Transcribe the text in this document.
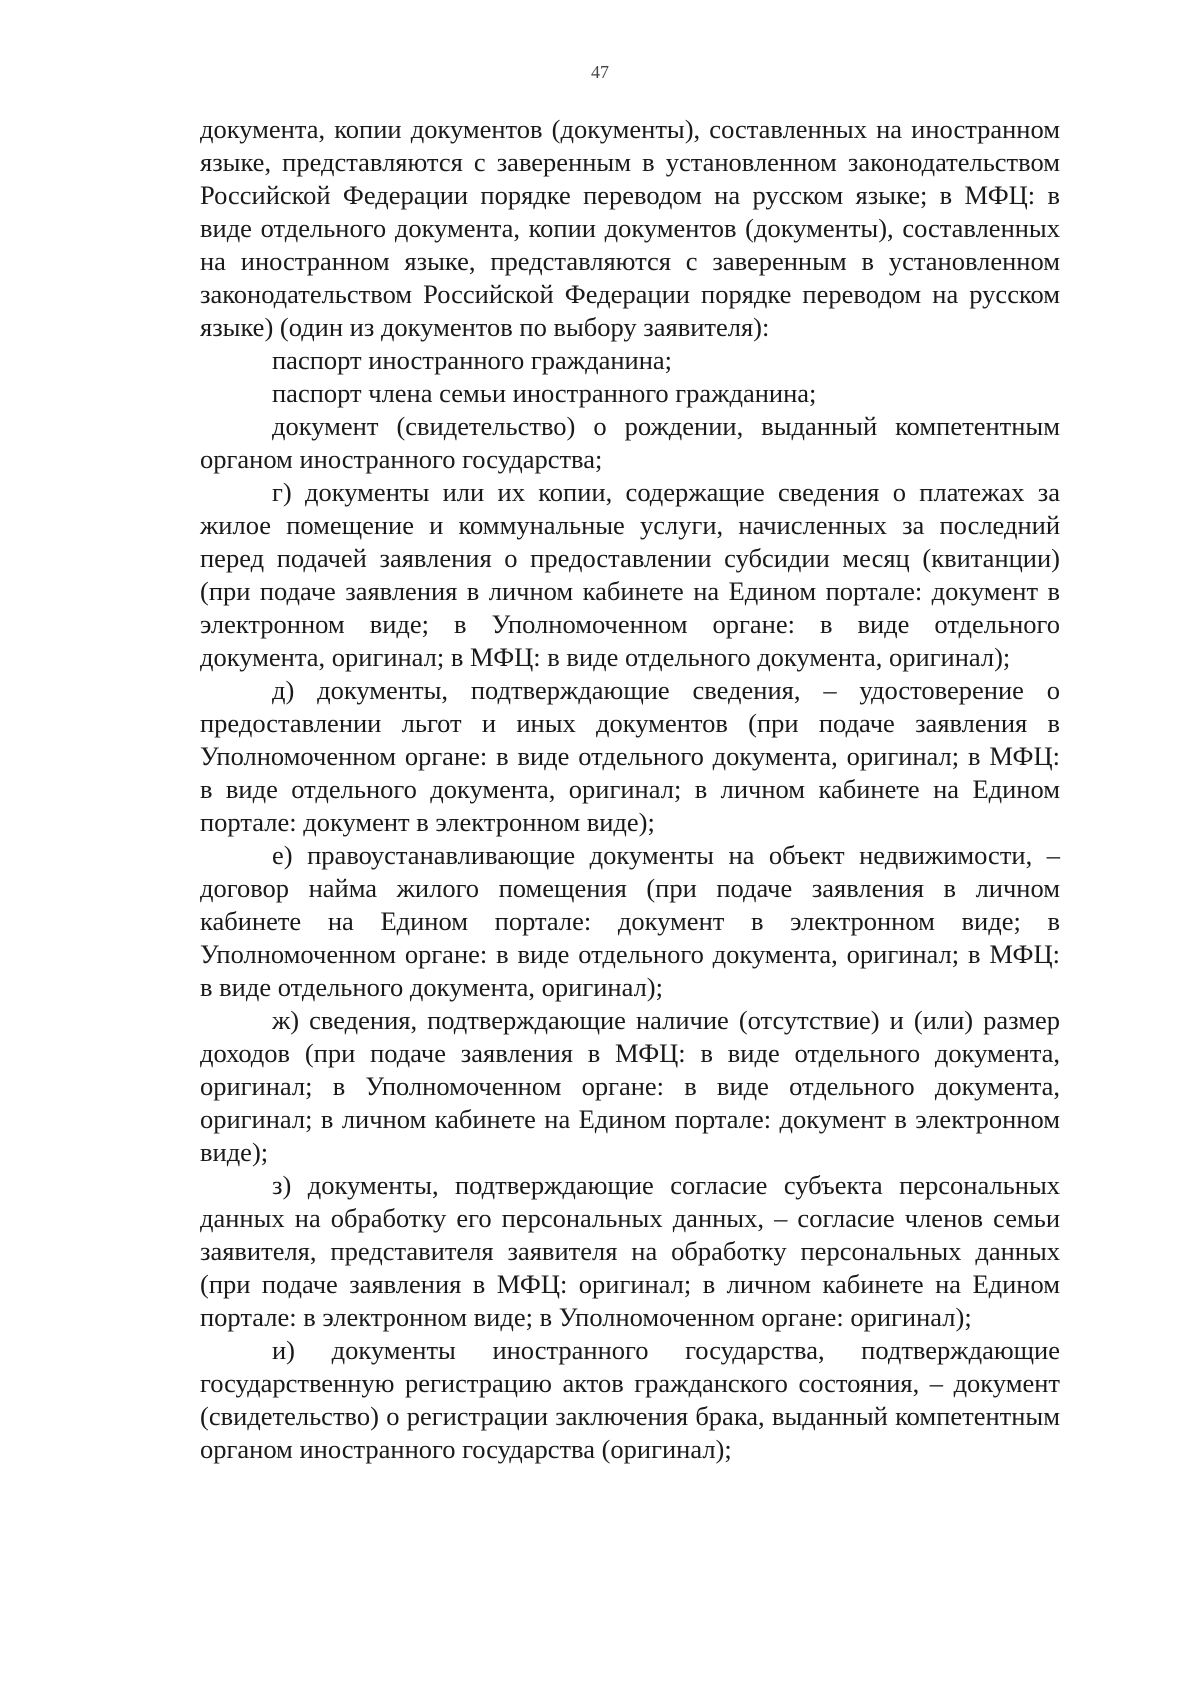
47

документа, копии документов (документы), составленных на иностранном языке, представляются с заверенным в установленном законодательством Российской Федерации порядке переводом на русском языке; в МФЦ: в виде отдельного документа, копии документов (документы), составленных на иностранном языке, представляются с заверенным в установленном законодательством Российской Федерации порядке переводом на русском языке) (один из документов по выбору заявителя):

паспорт иностранного гражданина;

паспорт члена семьи иностранного гражданина;

документ (свидетельство) о рождении, выданный компетентным органом иностранного государства;

г) документы или их копии, содержащие сведения о платежах за жилое помещение и коммунальные услуги, начисленных за последний перед подачей заявления о предоставлении субсидии месяц (квитанции) (при подаче заявления в личном кабинете на Едином портале: документ в электронном виде; в Уполномоченном органе: в виде отдельного документа, оригинал; в МФЦ: в виде отдельного документа, оригинал);

д) документы, подтверждающие сведения, – удостоверение о предоставлении льгот и иных документов (при подаче заявления в Уполномоченном органе: в виде отдельного документа, оригинал; в МФЦ: в виде отдельного документа, оригинал; в личном кабинете на Едином портале: документ в электронном виде);

е) правоустанавливающие документы на объект недвижимости, – договор найма жилого помещения (при подаче заявления в личном кабинете на Едином портале: документ в электронном виде; в Уполномоченном органе: в виде отдельного документа, оригинал; в МФЦ: в виде отдельного документа, оригинал);

ж) сведения, подтверждающие наличие (отсутствие) и (или) размер доходов (при подаче заявления в МФЦ: в виде отдельного документа, оригинал; в Уполномоченном органе: в виде отдельного документа, оригинал; в личном кабинете на Едином портале: документ в электронном виде);

з) документы, подтверждающие согласие субъекта персональных данных на обработку его персональных данных, – согласие членов семьи заявителя, представителя заявителя на обработку персональных данных (при подаче заявления в МФЦ: оригинал; в личном кабинете на Едином портале: в электронном виде; в Уполномоченном органе: оригинал);

и) документы иностранного государства, подтверждающие государственную регистрацию актов гражданского состояния, – документ (свидетельство) о регистрации заключения брака, выданный компетентным органом иностранного государства (оригинал);
